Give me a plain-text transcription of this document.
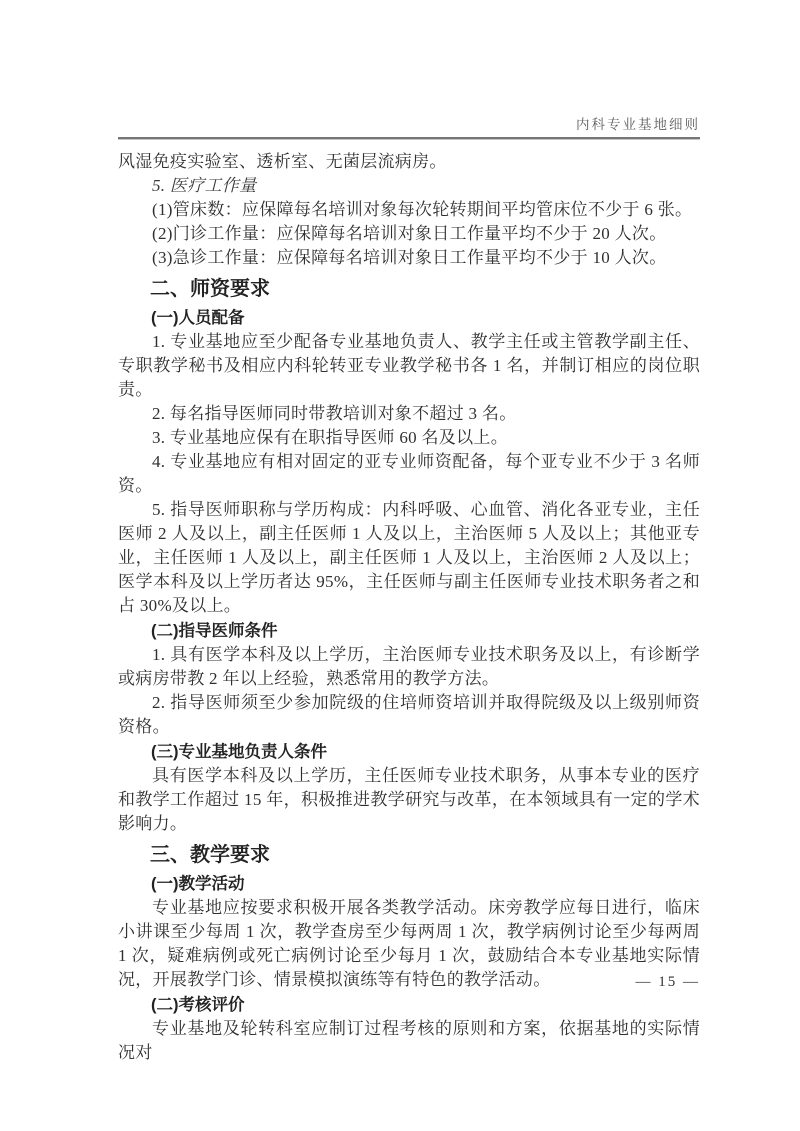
内科专业基地细则

风湿免疫实验室、透析室、无菌层流病房。

5. 医疗工作量

(1)管床数：应保障每名培训对象每次轮转期间平均管床位不少于 6 张。

(2)门诊工作量：应保障每名培训对象日工作量平均不少于 20 人次。

(3)急诊工作量：应保障每名培训对象日工作量平均不少于 10 人次。

二、师资要求
(一)人员配备

1. 专业基地应至少配备专业基地负责人、教学主任或主管教学副主任、专职教学秘书及相应内科轮转亚专业教学秘书各 1 名，并制订相应的岗位职责。

2. 每名指导医师同时带教培训对象不超过 3 名。

3. 专业基地应保有在职指导医师 60 名及以上。

4. 专业基地应有相对固定的亚专业师资配备，每个亚专业不少于 3 名师资。

5. 指导医师职称与学历构成：内科呼吸、心血管、消化各亚专业，主任医师 2 人及以上，副主任医师 1 人及以上，主治医师 5 人及以上；其他亚专业，主任医师 1 人及以上，副主任医师 1 人及以上，主治医师 2 人及以上；医学本科及以上学历者达 95%，主任医师与副主任医师专业技术职务者之和占 30%及以上。

(二)指导医师条件

1. 具有医学本科及以上学历，主治医师专业技术职务及以上，有诊断学或病房带教 2 年以上经验，熟悉常用的教学方法。

2. 指导医师须至少参加院级的住培师资培训并取得院级及以上级别师资资格。

(三)专业基地负责人条件

具有医学本科及以上学历，主任医师专业技术职务，从事本专业的医疗和教学工作超过 15 年，积极推进教学研究与改革，在本领域具有一定的学术影响力。

三、教学要求
(一)教学活动

专业基地应按要求积极开展各类教学活动。床旁教学应每日进行，临床小讲课至少每周 1 次，教学查房至少每两周 1 次，教学病例讨论至少每两周 1 次，疑难病例或死亡病例讨论至少每月 1 次，鼓励结合本专业基地实际情况，开展教学门诊、情景模拟演练等有特色的教学活动。

(二)考核评价

专业基地及轮转科室应制订过程考核的原则和方案，依据基地的实际情况对

— 15 —
